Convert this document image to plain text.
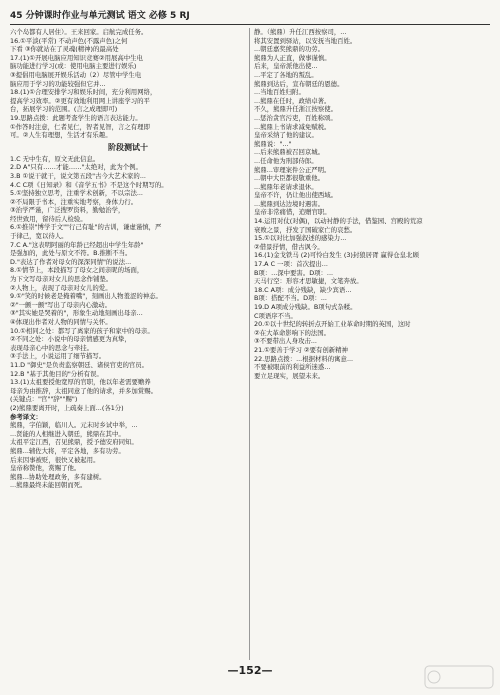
45 分钟课时作业与单元测试 语文 必修 5 RJ
六个岛都有人居住）。王来回家。启航完成任务。
16.①平淡(平常) 不动声色(不露声色)之何
下看 ③你就站在了灵魂(精神)的最高处
17.(1)①开展电脑应用知识竞赛②用展高中生电
脑功能进行学习(或：使用电脑主要进行娱乐)
③提倡用电脑展开娱乐活动（2）尽管中学生电
脑应用于学习的功能较强但它并...
18.(1)①合理安排学习和娱乐时间，充分利用网络，
提高学习效率。②更有效地利用网上讲座学习的平
台，拓展学习的范围。(言之成理即可)
19.思路点拨：此题考查学生的语言表达能力。
①作答时注意，仁者见仁，智者见智，言之有理即
可。②人生有理想，生活才有乐趣。
阶段测试十
1.C 无中生有，原文无此信息。
2.D A"只有……才能……"太绝对，此为个例。
3.B ①说干就干，说文第五段"古今大艺术家的...
4.C C项《日知录》和《音学五书》不是这个时期写的。
5.①坚持独立思考，注重学术创新，不以宗法...
②不局限于书本，注重实地考察，身体力行。
③治学严谨，广泛搜罗资料，勤勉治学，
经世致用，留待后人检验。
6.①推崇"博学于文""行己有耻"的古训，谦虚谨慎，严
于律己，宽以待人。
7.C A."这表明阿丽的年龄已经超出中学生年龄"
是强加的，此处与原文不符。B.推断不当。
D."表达了作者对母女的深深同情"的说法...
8.①情节上，本段描写了母女之间亲昵的场面，
为下文写母亲对女儿的思念作铺垫。
②人物上，表现了母亲对女儿的爱。
9.①"笑的时候老是掩着嘴"，刻画出人物羞涩的神态。
②"一颤一颤"写出了母亲内心激动。
③"其实她是哭着的"，形象生动地刻画出母亲...
④体现出作者对人物的同情与关怀。
10.①相同之处：都写了离家的孩子和家中的母亲。
②不同之处：小说中的母亲情感更为真挚，
表现母亲心中的思念与牵挂。
③手法上，小说运用了细节描写。
11.D "御史"是负责监察朝廷、诸侯官吏的官员。
12.B "基于其他目的"分析有误。
13.(1)太祖要授他宽厚的官职，他以年老需要赡养
母亲为由推辞，太祖同意了他的请求，并多加赏赐。
(关键点："官""辞""赐")
(2)熊鼎要离开时，上疏奏上面...(各1分)
参考译文：
熊鼎，字伯颖，临川人。元末时乡试中举，...
...贤能的人相继进入朝廷，熊鼎在其中。
太祖平定江西，召见熊鼎，授予德安府同知。
熊鼎...辅佐大将，平定各地，多有功劳。
后来因事被贬，很快又被起用。
皇帝称赞他，赏赐了他。
熊鼎...协助处理政务，多有建树。
...熊鼎最终未能回朝而死。
静。（熊鼎）升任江西按察司，...
将其安置到驿站，以安抚当地百姓。
...朝廷嘉奖熊鼎的功劳。
熊鼎为人正直，做事谨慎。
后来，皇帝派他出使...
...平定了各地的叛乱。
熊鼎到达后，宣布朝廷的恩德。
...当地百姓归附。
...熊鼎在任时，政绩卓著。
不久，熊鼎升任浙江按察使。
...惩治贪官污吏，百姓称颂。
...熊鼎上书请求减免赋税。
皇帝采纳了他的建议。
熊鼎说："..."
...后来熊鼎被召回京城。
...任命他为刑部侍郎。
熊鼎...审理案件公正严明。
...朝中大臣都很敬重他。
...熊鼎年老请求退休。
皇帝不许，仍让他出使西域。
...熊鼎到达边境时遇害。
皇帝非常痛惜，追赠官职。
14.运用对仗(对偶)，以动衬静的手法，借鉴园、宫殿的荒凉
衰败之景，抒发了国破家亡的哀愁。
15.①以对比加强叙述的感染力...
②借景抒情，借古讽今。
16.(1)金戈铁马 (2)可怜白发生 (3)封狼居胥 赢得仓皇北顾
17.A C 一项：首次提出...
B项：...深中要害。D项：...
天马行空：形容才思敏捷，文笔奔放。
18.C A项：成分残缺，缺少宾语...
B项：搭配不当。D项：...
19.D A项成分残缺。B项句式杂糅。
C项语序不当。
20.①以十世纪的转折点开始工业革命时期的英国，这时
②在大革命影响下的法国。
③不要带出人身攻击...
21.①要善于学习 ②要有创新精神
22.思路点拨：...根据材料的寓意...
不要被眼前的利益所迷惑...
要立足现实，展望未来。
—152—
